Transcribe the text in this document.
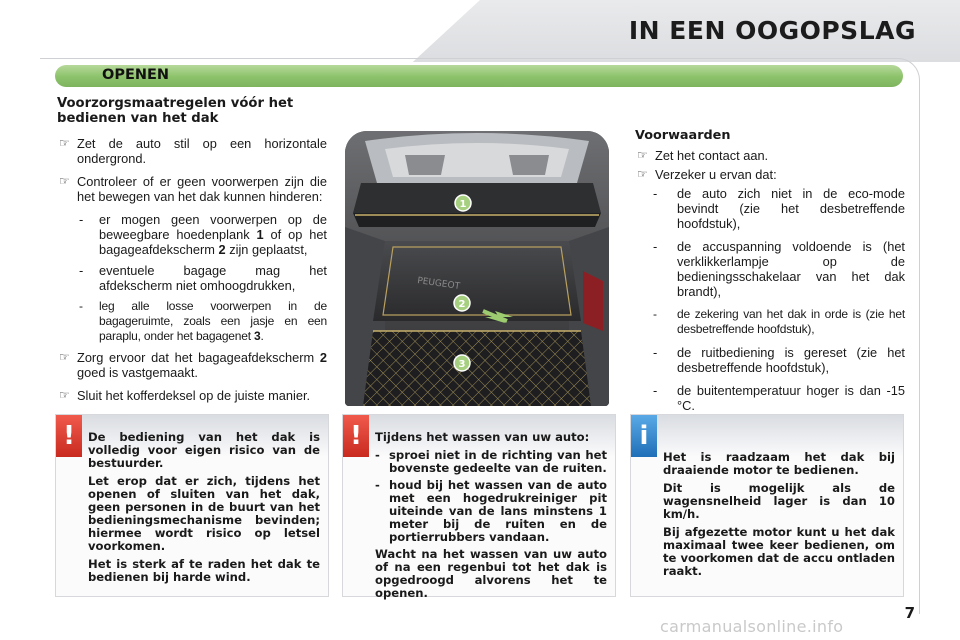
IN EEN OOGOPSLAG
OPENEN
Voorzorgsmaatregelen vóór het
bedienen van het dak
☞ Zet de auto stil op een horizontale ondergrond.
☞ Controleer of er geen voorwerpen zijn die het bewegen van het dak kunnen hinderen:
- er mogen geen voorwerpen op de beweegbare hoedenplank 1 of op het bagageafdekscherm 2 zijn geplaatst,
- eventuele bagage mag het afdekscherm niet omhoogdrukken,
- leg alle losse voorwerpen in de bagageruimte, zoals een jasje en een paraplu, onder het bagagenet 3.
☞ Zorg ervoor dat het bagageafdekscherm 2 goed is vastgemaakt.
☞ Sluit het kofferdeksel op de juiste manier.
PEUGEOT
1
2
3
Voorwaarden
☞ Zet het contact aan.
☞ Verzeker u ervan dat:
- de auto zich niet in de eco-mode bevindt (zie het desbetreffende hoofdstuk),
- de accuspanning voldoende is (het verklikkerlampje op de bedieningsschakelaar van het dak brandt),
- de zekering van het dak in orde is (zie het desbetreffende hoofdstuk),
- de ruitbediening is gereset (zie het desbetreffende hoofdstuk),
- de buitentemperatuur hoger is dan -15 °C.
!	De bediening van het dak is volledig voor eigen risico van de bestuurder.

Let erop dat er zich, tijdens het openen of sluiten van het dak, geen personen in de buurt van het bedieningsmechanisme bevinden; hiermee wordt risico op letsel voorkomen.

Het is sterk af te raden het dak te bedienen bij harde wind.

!	Tijdens het wassen van uw auto:

- sproei niet in de richting van het bovenste gedeelte van de ruiten.
- houd bij het wassen van de auto met een hogedrukreiniger pit uiteinde van de lans minstens 1 meter bij de ruiten en de portierrubbers vandaan.

Wacht na het wassen van uw auto of na een regenbui tot het dak is opgedroogd alvorens het te openen.

i

Het is raadzaam het dak bij draaiende motor te bedienen.

Dit is mogelijk als de wagensnelheid lager is dan 10 km/h.

Bij afgezette motor kunt u het dak maximaal twee keer bedienen, om te voorkomen dat de accu ontladen raakt.

7
carmanualsonline.info
